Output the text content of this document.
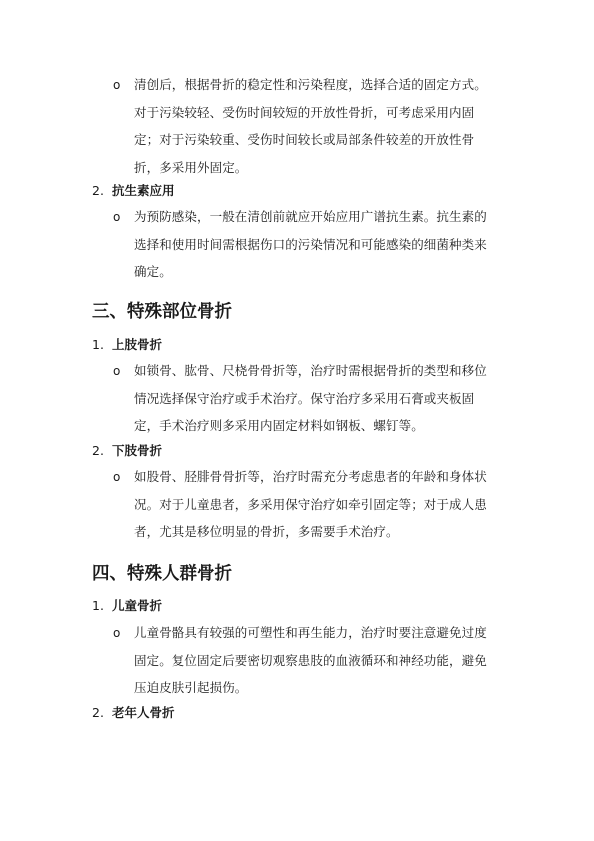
o 清创后，根据骨折的稳定性和污染程度，选择合适的固定方式。
对于污染较轻、受伤时间较短的开放性骨折，可考虑采用内固
定；对于污染较重、受伤时间较长或局部条件较差的开放性骨
折，多采用外固定。
2. 抗生素应用
o 为预防感染，一般在清创前就应开始应用广谱抗生素。抗生素的
选择和使用时间需根据伤口的污染情况和可能感染的细菌种类来
确定。
三、特殊部位骨折
1. 上肢骨折
o 如锁骨、肱骨、尺桡骨骨折等，治疗时需根据骨折的类型和移位
情况选择保守治疗或手术治疗。保守治疗多采用石膏或夹板固
定，手术治疗则多采用内固定材料如钢板、螺钉等。
2. 下肢骨折
o 如股骨、胫腓骨骨折等，治疗时需充分考虑患者的年龄和身体状
况。对于儿童患者，多采用保守治疗如牵引固定等；对于成人患
者，尤其是移位明显的骨折，多需要手术治疗。
四、特殊人群骨折
1. 儿童骨折
o 儿童骨骼具有较强的可塑性和再生能力，治疗时要注意避免过度
固定。复位固定后要密切观察患肢的血液循环和神经功能，避免
压迫皮肤引起损伤。
2. 老年人骨折
